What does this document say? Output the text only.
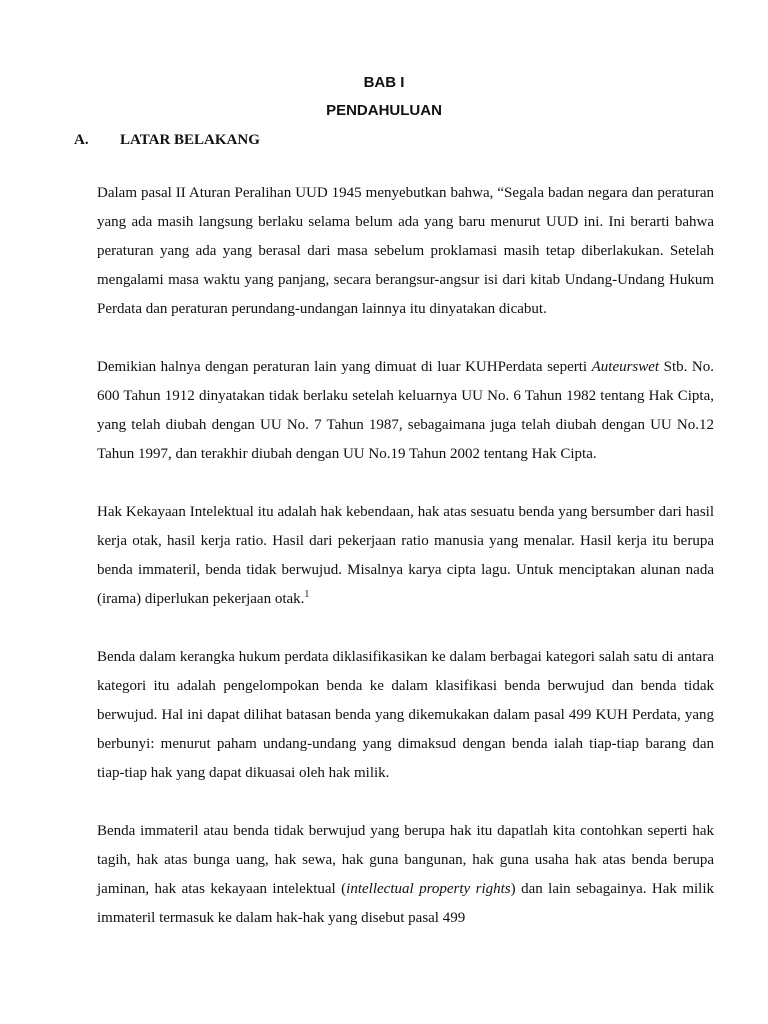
BAB I
PENDAHULUAN
A. LATAR BELAKANG

Dalam pasal II Aturan Peralihan UUD 1945 menyebutkan bahwa, “Segala badan negara dan peraturan yang ada masih langsung berlaku selama belum ada yang baru menurut UUD ini. Ini berarti bahwa peraturan yang ada yang berasal dari masa sebelum proklamasi masih tetap diberlakukan. Setelah mengalami masa waktu yang panjang, secara berangsur-angsur isi dari kitab Undang-Undang Hukum Perdata dan peraturan perundang-undangan lainnya itu dinyatakan dicabut.

Demikian halnya dengan peraturan lain yang dimuat di luar KUHPerdata seperti Auteurswet Stb. No. 600 Tahun 1912 dinyatakan tidak berlaku setelah keluarnya UU No. 6 Tahun 1982 tentang Hak Cipta, yang telah diubah dengan UU No. 7 Tahun 1987, sebagaimana juga telah diubah dengan UU No.12 Tahun 1997, dan terakhir diubah dengan UU No.19 Tahun 2002 tentang Hak Cipta.

Hak Kekayaan Intelektual itu adalah hak kebendaan, hak atas sesuatu benda yang bersumber dari hasil kerja otak, hasil kerja ratio. Hasil dari pekerjaan ratio manusia yang menalar. Hasil kerja itu berupa benda immateril, benda tidak berwujud. Misalnya karya cipta lagu. Untuk menciptakan alunan nada (irama) diperlukan pekerjaan otak.$^1$

Benda dalam kerangka hukum perdata diklasifikasikan ke dalam berbagai kategori salah satu di antara kategori itu adalah pengelompokan benda ke dalam klasifikasi benda berwujud dan benda tidak berwujud. Hal ini dapat dilihat batasan benda yang dikemukakan dalam pasal 499 KUH Perdata, yang berbunyi: menurut paham undang-undang yang dimaksud dengan benda ialah tiap-tiap barang dan tiap-tiap hak yang dapat dikuasai oleh hak milik.

Benda immateril atau benda tidak berwujud yang berupa hak itu dapatlah kita contohkan seperti hak tagih, hak atas bunga uang, hak sewa, hak guna bangunan, hak guna usaha hak atas benda berupa jaminan, hak atas kekayaan intelektual (intellectual property rights) dan lain sebagainya. Hak milik immateril termasuk ke dalam hak-hak yang disebut pasal 499
